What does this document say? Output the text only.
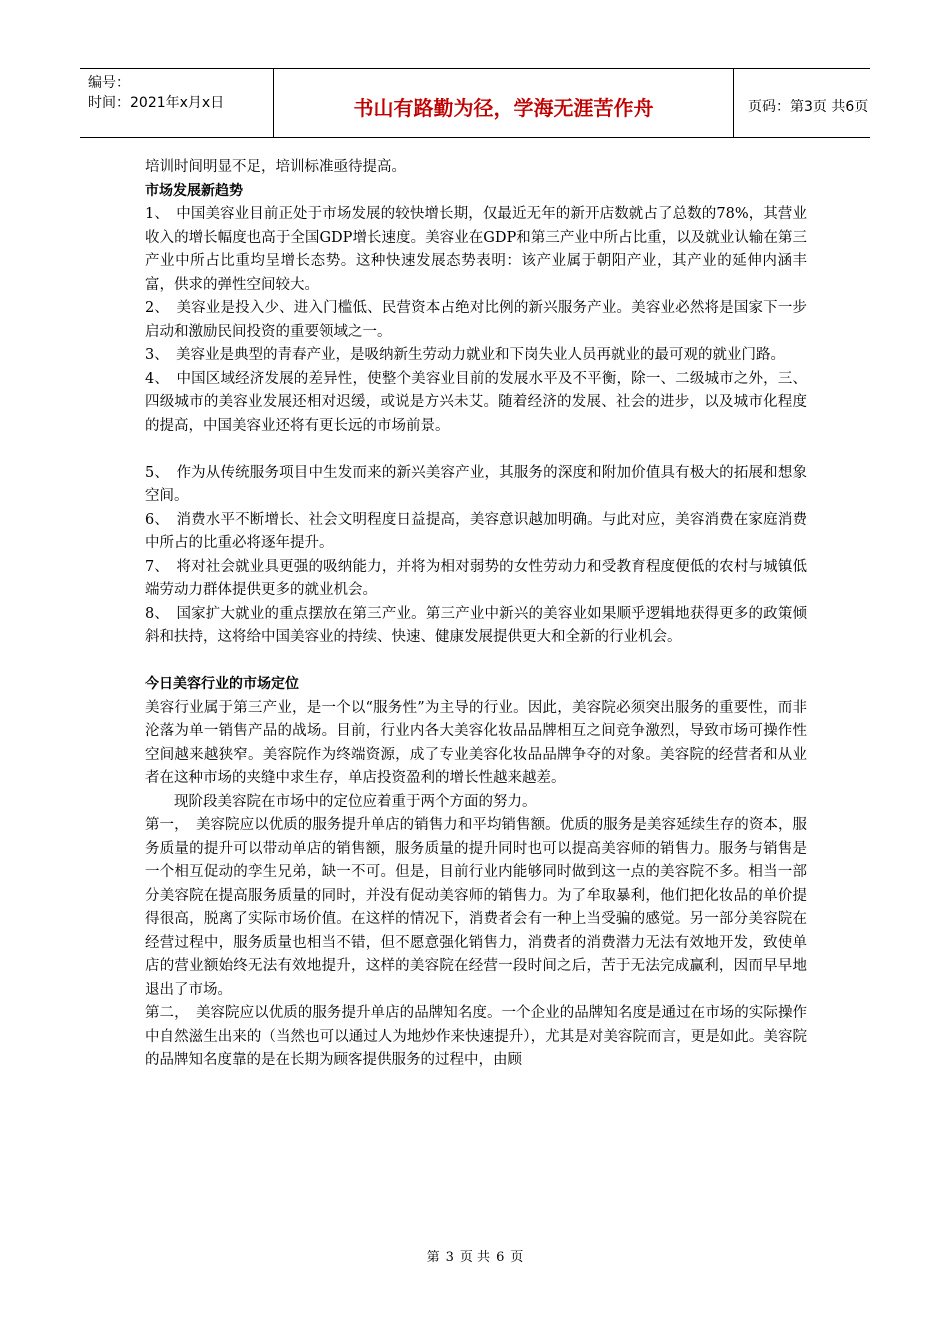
编号：
时间：2021年x月x日	书山有路勤为径，学海无涯苦作舟	页码：第3页 共6页

培训时间明显不足，培训标准亟待提高。

市场发展新趋势

1、　中国美容业目前正处于市场发展的较快增长期，仅最近无年的新开店数就占了总数的78%，其营业收入的增长幅度也高于全国GDP增长速度。美容业在GDP和第三产业中所占比重，以及就业认输在第三产业中所占比重均呈增长态势。这种快速发展态势表明：该产业属于朝阳产业，其产业的延伸内涵丰富，供求的弹性空间较大。

2、　美容业是投入少、进入门槛低、民营资本占绝对比例的新兴服务产业。美容业必然将是国家下一步启动和激励民间投资的重要领域之一。

3、　美容业是典型的青春产业，是吸纳新生劳动力就业和下岗失业人员再就业的最可观的就业门路。

4、　中国区域经济发展的差异性，使整个美容业目前的发展水平及不平衡，除一、二级城市之外，三、四级城市的美容业发展还相对迟缓，或说是方兴未艾。随着经济的发展、社会的进步，以及城市化程度的提高，中国美容业还将有更长远的市场前景。

5、　作为从传统服务项目中生发而来的新兴美容产业，其服务的深度和附加价值具有极大的拓展和想象空间。

6、　消费水平不断增长、社会文明程度日益提高，美容意识越加明确。与此对应，美容消费在家庭消费中所占的比重必将逐年提升。

7、　将对社会就业具更强的吸纳能力，并将为相对弱势的女性劳动力和受教育程度便低的农村与城镇低端劳动力群体提供更多的就业机会。

8、　国家扩大就业的重点摆放在第三产业。第三产业中新兴的美容业如果顺乎逻辑地获得更多的政策倾斜和扶持，这将给中国美容业的持续、快速、健康发展提供更大和全新的行业机会。

今日美容行业的市场定位

美容行业属于第三产业，是一个以“服务性”为主导的行业。因此，美容院必须突出服务的重要性，而非沦落为单一销售产品的战场。目前，行业内各大美容化妆品品牌相互之间竞争激烈，导致市场可操作性空间越来越狭窄。美容院作为终端资源，成了专业美容化妆品品牌争夺的对象。美容院的经营者和从业者在这种市场的夹缝中求生存，单店投资盈利的增长性越来越差。

现阶段美容院在市场中的定位应着重于两个方面的努力。

第一，　美容院应以优质的服务提升单店的销售力和平均销售额。优质的服务是美容延续生存的资本，服务质量的提升可以带动单店的销售额，服务质量的提升同时也可以提高美容师的销售力。服务与销售是一个相互促动的孪生兄弟，缺一不可。但是，目前行业内能够同时做到这一点的美容院不多。相当一部分美容院在提高服务质量的同时，并没有促动美容师的销售力。为了牟取暴利，他们把化妆品的单价提得很高，脱离了实际市场价值。在这样的情况下，消费者会有一种上当受骗的感觉。另一部分美容院在经营过程中，服务质量也相当不错，但不愿意强化销售力，消费者的消费潜力无法有效地开发，致使单店的营业额始终无法有效地提升，这样的美容院在经营一段时间之后，苦于无法完成赢利，因而早早地退出了市场。

第二，　美容院应以优质的服务提升单店的品牌知名度。一个企业的品牌知名度是通过在市场的实际操作中自然滋生出来的（当然也可以通过人为地炒作来快速提升），尤其是对美容院而言，更是如此。美容院的品牌知名度靠的是在长期为顾客提供服务的过程中，由顾

第 3 页 共 6 页
